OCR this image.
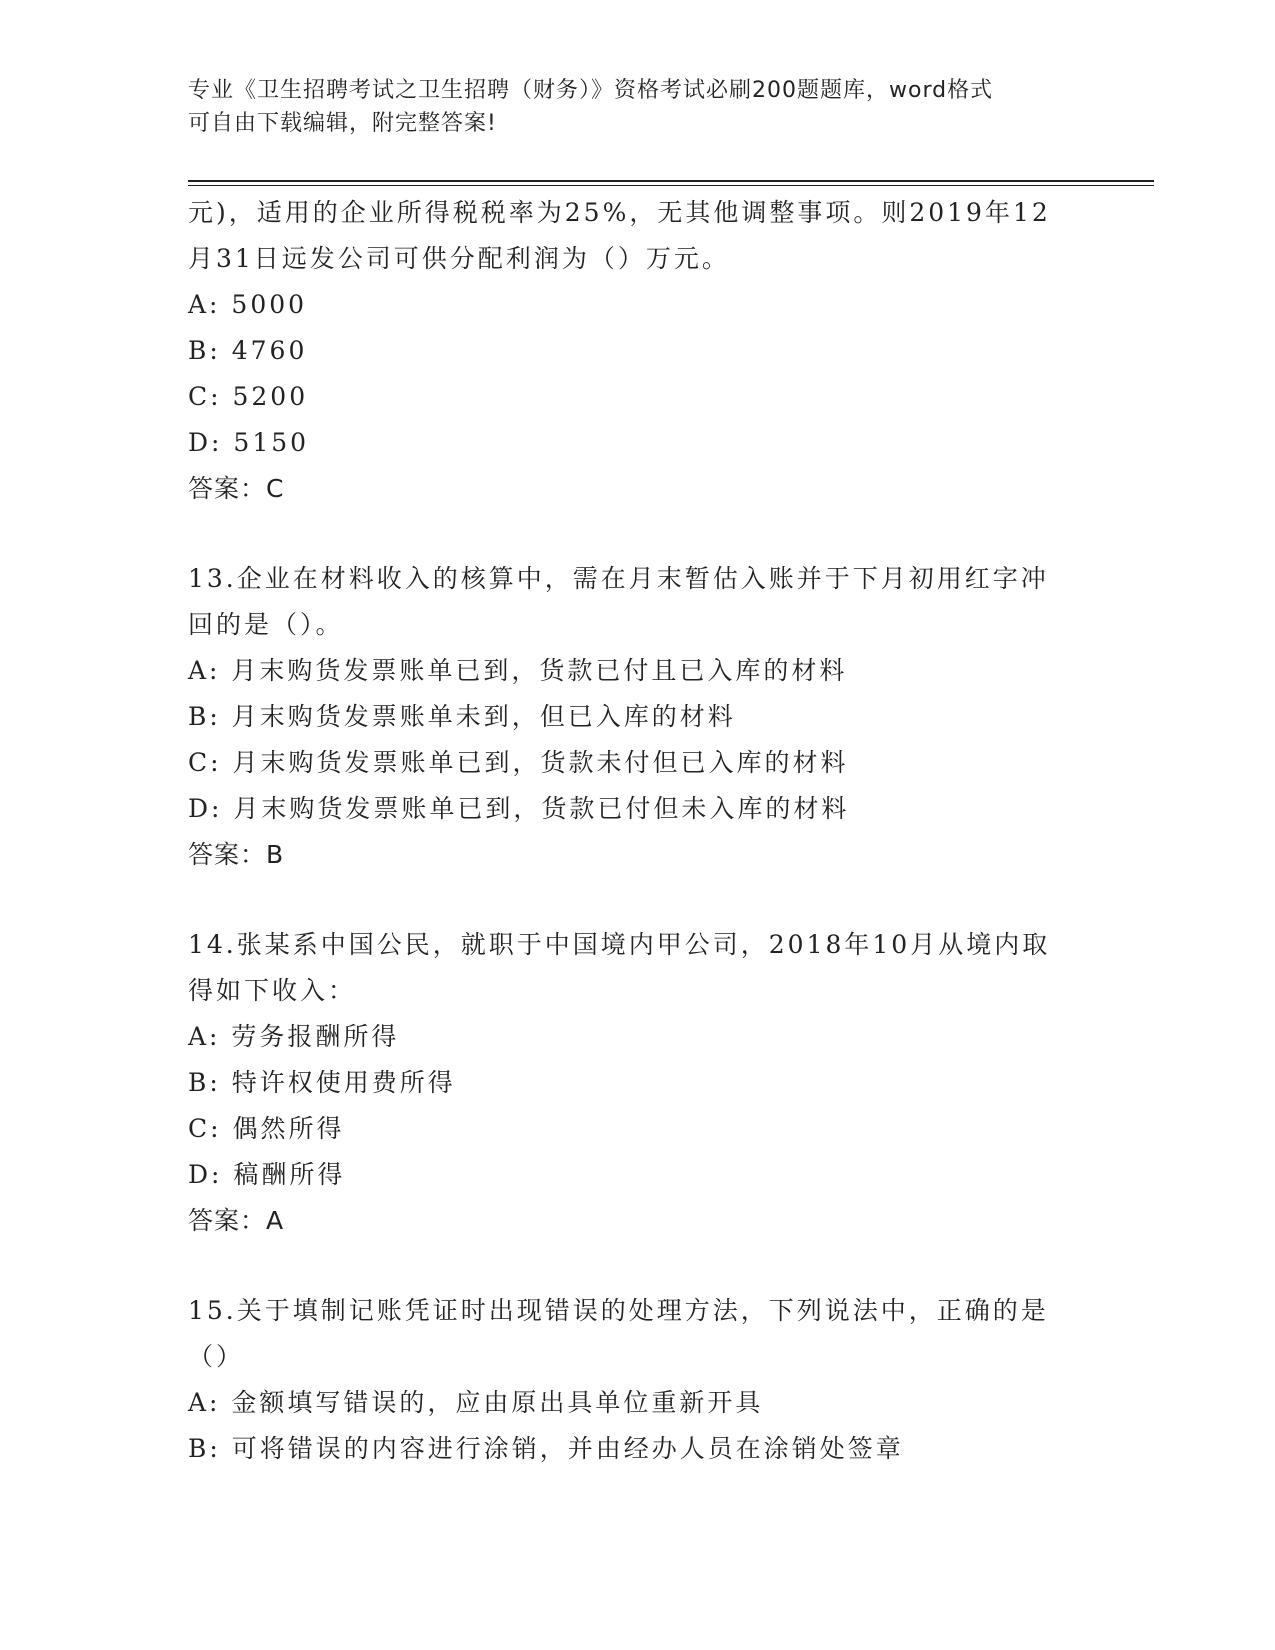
专业《卫生招聘考试之卫生招聘（财务）》资格考试必刷200题题库，word格式
可自由下载编辑，附完整答案!
元)，适用的企业所得税税率为25%，无其他调整事项。则2019年12
月31日远发公司可供分配利润为（）万元。
A: 5000
B: 4760
C: 5200
D: 5150
答案：C
13.企业在材料收入的核算中，需在月末暂估入账并于下月初用红字冲
回的是（）。
A: 月末购货发票账单已到，货款已付且已入库的材料
B: 月末购货发票账单未到，但已入库的材料
C: 月末购货发票账单已到，货款未付但已入库的材料
D: 月末购货发票账单已到，货款已付但未入库的材料
答案：B
14.张某系中国公民，就职于中国境内甲公司，2018年10月从境内取
得如下收入：
A: 劳务报酬所得
B: 特许权使用费所得
C: 偶然所得
D: 稿酬所得
答案：A
15.关于填制记账凭证时出现错误的处理方法，下列说法中，正确的是
（）
A: 金额填写错误的，应由原出具单位重新开具
B: 可将错误的内容进行涂销，并由经办人员在涂销处签章
